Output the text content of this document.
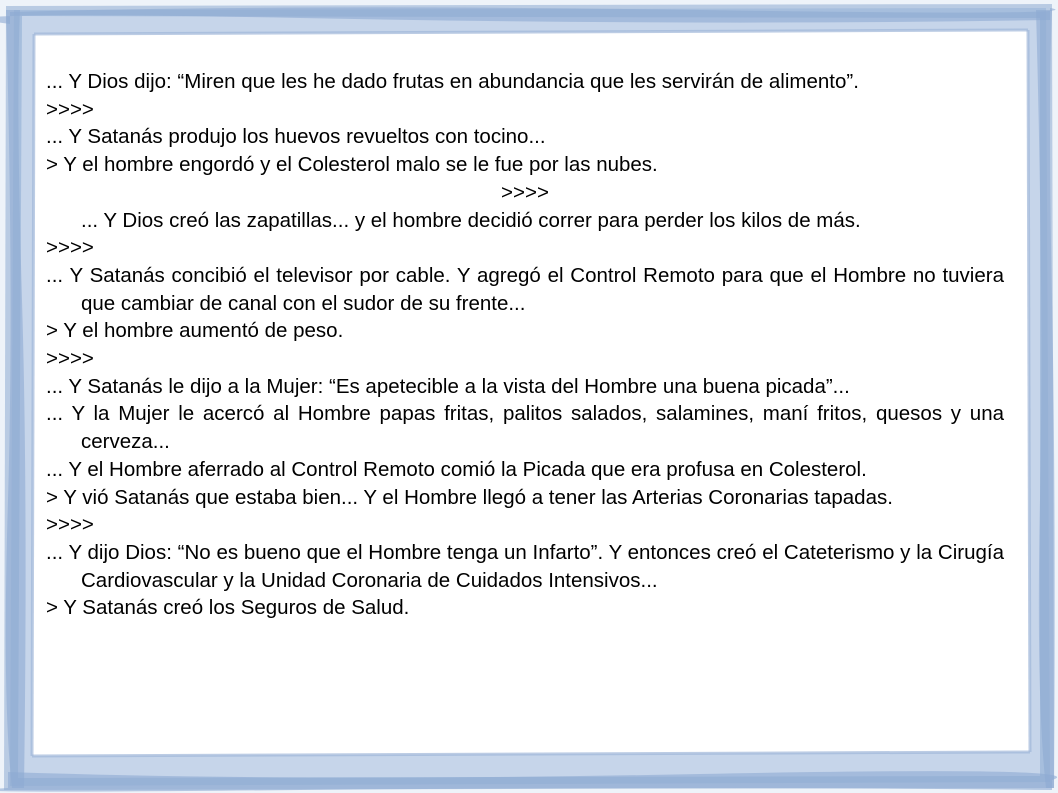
... Y Dios dijo: “Miren que les he dado frutas en abundancia que les servirán de alimento”.

>>>>

... Y Satanás produjo los huevos revueltos con tocino...

> Y el hombre engordó y el Colesterol malo se le fue por las nubes.

>>>>

... Y Dios creó las zapatillas... y el hombre decidió correr para perder los kilos de más.

>>>>

... Y Satanás concibió el televisor por cable. Y agregó el Control Remoto para que el Hombre no tuviera que cambiar de canal con el sudor de su frente...

> Y el hombre aumentó de peso.

>>>>

... Y Satanás le dijo a la Mujer: “Es apetecible a la vista del Hombre una buena picada”...

... Y la Mujer le acercó al Hombre papas fritas, palitos salados, salamines, maní fritos, quesos y una cerveza...

... Y el Hombre aferrado al Control Remoto comió la Picada que era profusa en Colesterol.

> Y vió Satanás que estaba bien... Y el Hombre llegó a tener las Arterias Coronarias tapadas.

>>>>

... Y dijo Dios: “No es bueno que el Hombre tenga un Infarto”. Y entonces creó el Cateterismo y la Cirugía Cardiovascular y la Unidad Coronaria de Cuidados Intensivos...

> Y Satanás creó los Seguros de Salud.
